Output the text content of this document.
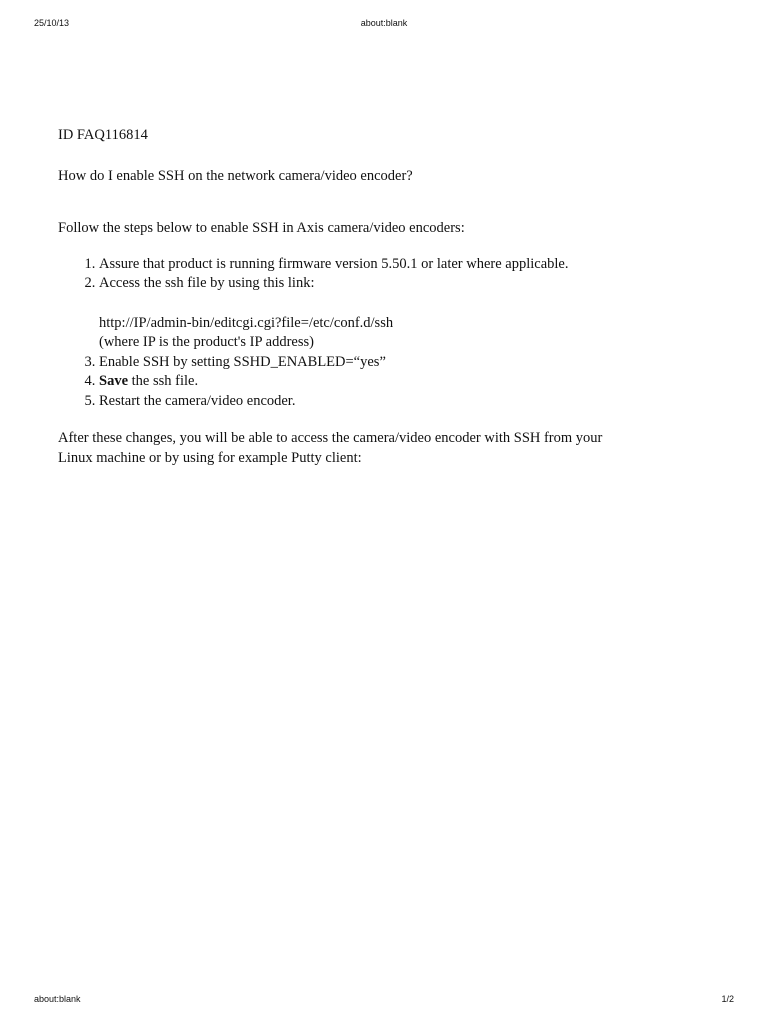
25/10/13	about:blank

ID FAQ116814

How do I enable SSH on the network camera/video encoder?

Follow the steps below to enable SSH in Axis camera/video encoders:

1. Assure that product is running firmware version 5.50.1 or later where applicable.
2. Access the ssh file by using this link:
http://IP/admin-bin/editcgi.cgi?file=/etc/conf.d/ssh
(where IP is the product's IP address)
3. Enable SSH by setting SSHD_ENABLED=“yes”
4. Save the ssh file.
5. Restart the camera/video encoder.

After these changes, you will be able to access the camera/video encoder with SSH from your Linux machine or by using for example Putty client:

about:blank	1/2
